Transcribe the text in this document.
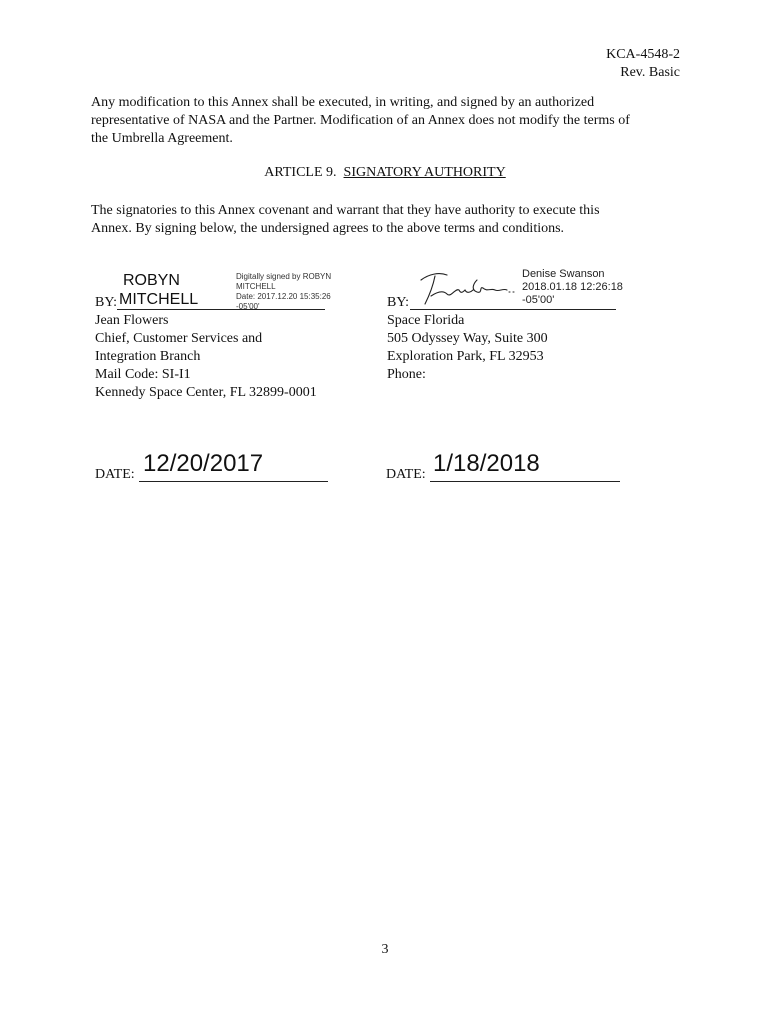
KCA-4548-2
Rev. Basic
Any modification to this Annex shall be executed, in writing, and signed by an authorized
representative of NASA and the Partner. Modification of an Annex does not modify the terms of
the Umbrella Agreement.
ARTICLE 9.  SIGNATORY AUTHORITY
The signatories to this Annex covenant and warrant that they have authority to execute this
Annex. By signing below, the undersigned agrees to the above terms and conditions.
ROBYN
BY: MITCHELL
Digitally signed by ROBYN
MITCHELL
Date: 2017.12.20 15:35:26
-05'00'
Jean Flowers
Chief, Customer Services and
Integration Branch
Mail Code: SI-I1
Kennedy Space Center, FL 32899-0001
DATE: 12/20/2017
Denise Swanson
2018.01.18 12:26:18
-05'00'
BY:
Space Florida
505 Odyssey Way, Suite 300
Exploration Park, FL 32953
Phone:
DATE: 1/18/2018
3
